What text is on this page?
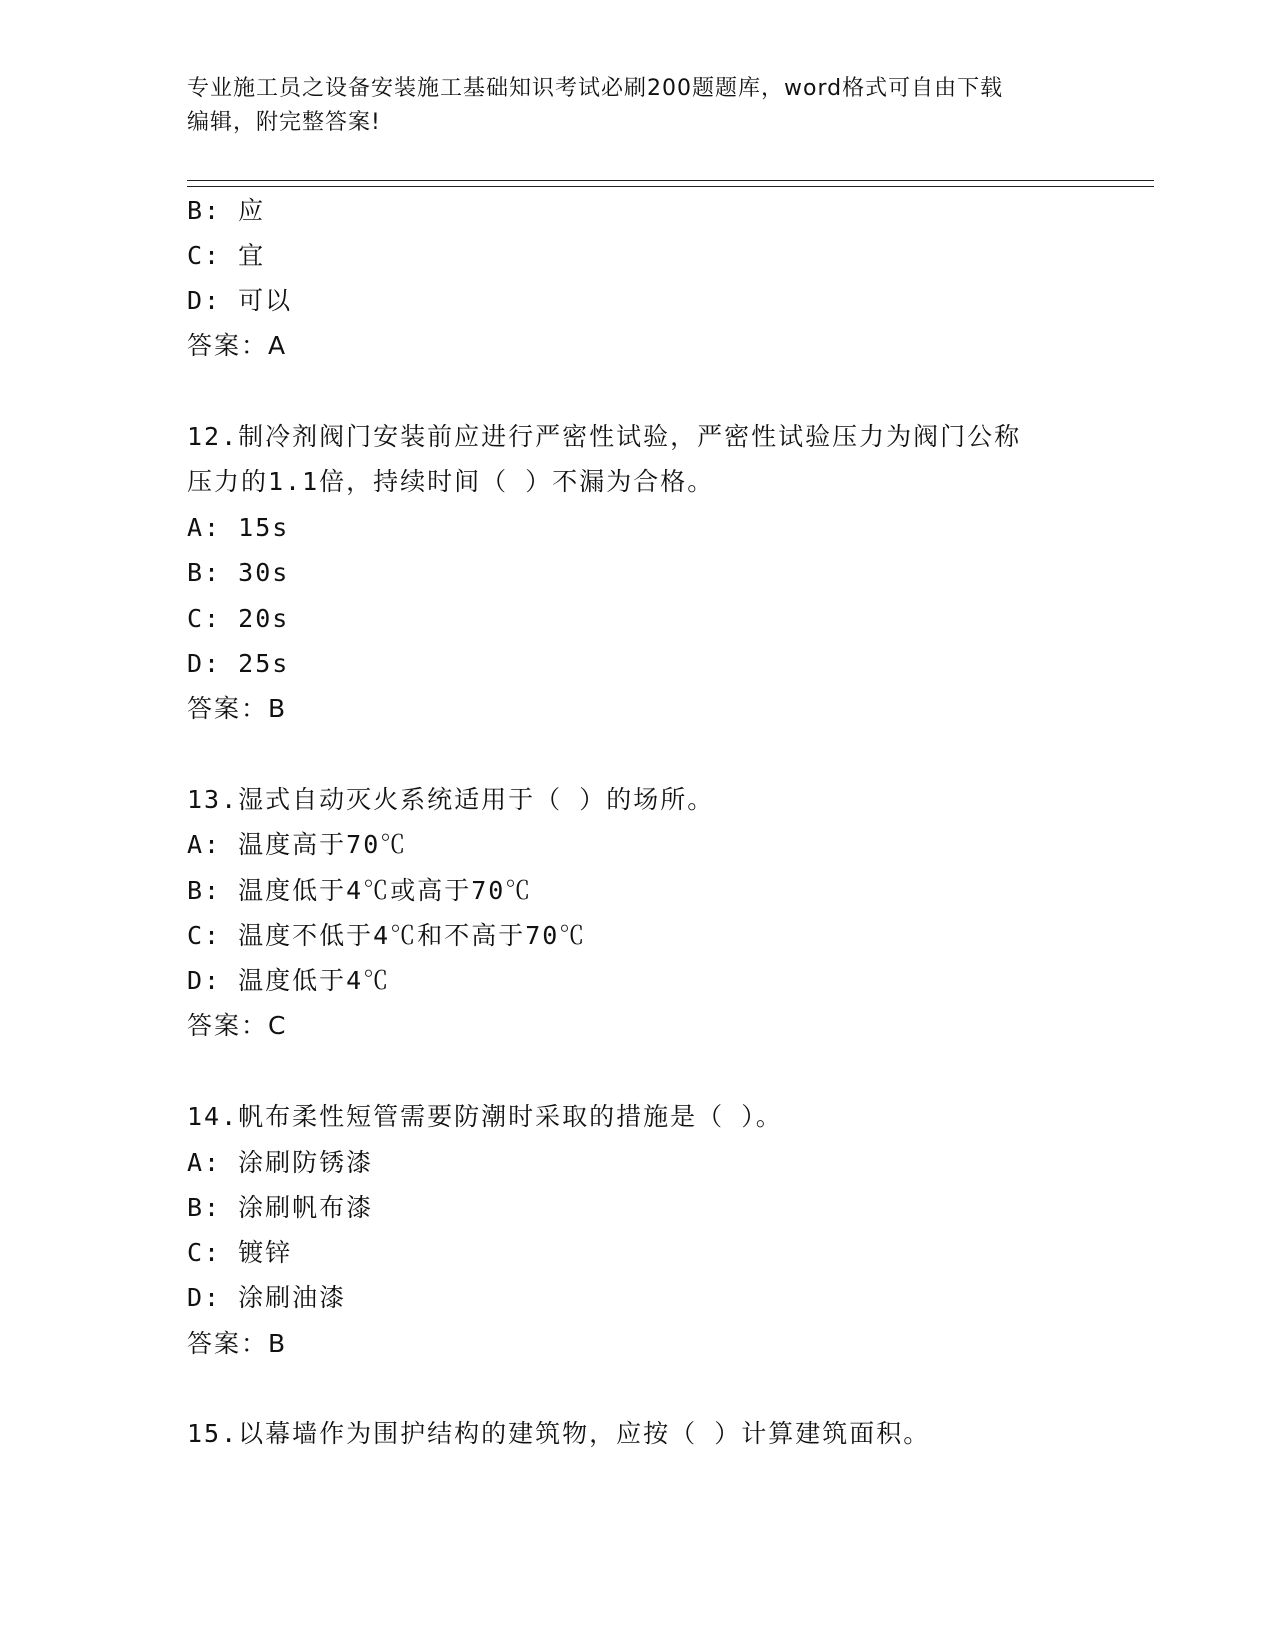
专业施工员之设备安装施工基础知识考试必刷200题题库，word格式可自由下载
编辑，附完整答案!
B: 应
C: 宜
D: 可以
答案：A
12.制冷剂阀门安装前应进行严密性试验，严密性试验压力为阀门公称
压力的1.1倍，持续时间（ ）不漏为合格。
A: 15s
B: 30s
C: 20s
D: 25s
答案：B
13.湿式自动灭火系统适用于（ ）的场所。
A: 温度高于70℃
B: 温度低于4℃或高于70℃
C: 温度不低于4℃和不高于70℃
D: 温度低于4℃
答案：C
14.帆布柔性短管需要防潮时采取的措施是（ ）。
A: 涂刷防锈漆
B: 涂刷帆布漆
C: 镀锌
D: 涂刷油漆
答案：B
15.以幕墙作为围护结构的建筑物，应按（ ）计算建筑面积。
